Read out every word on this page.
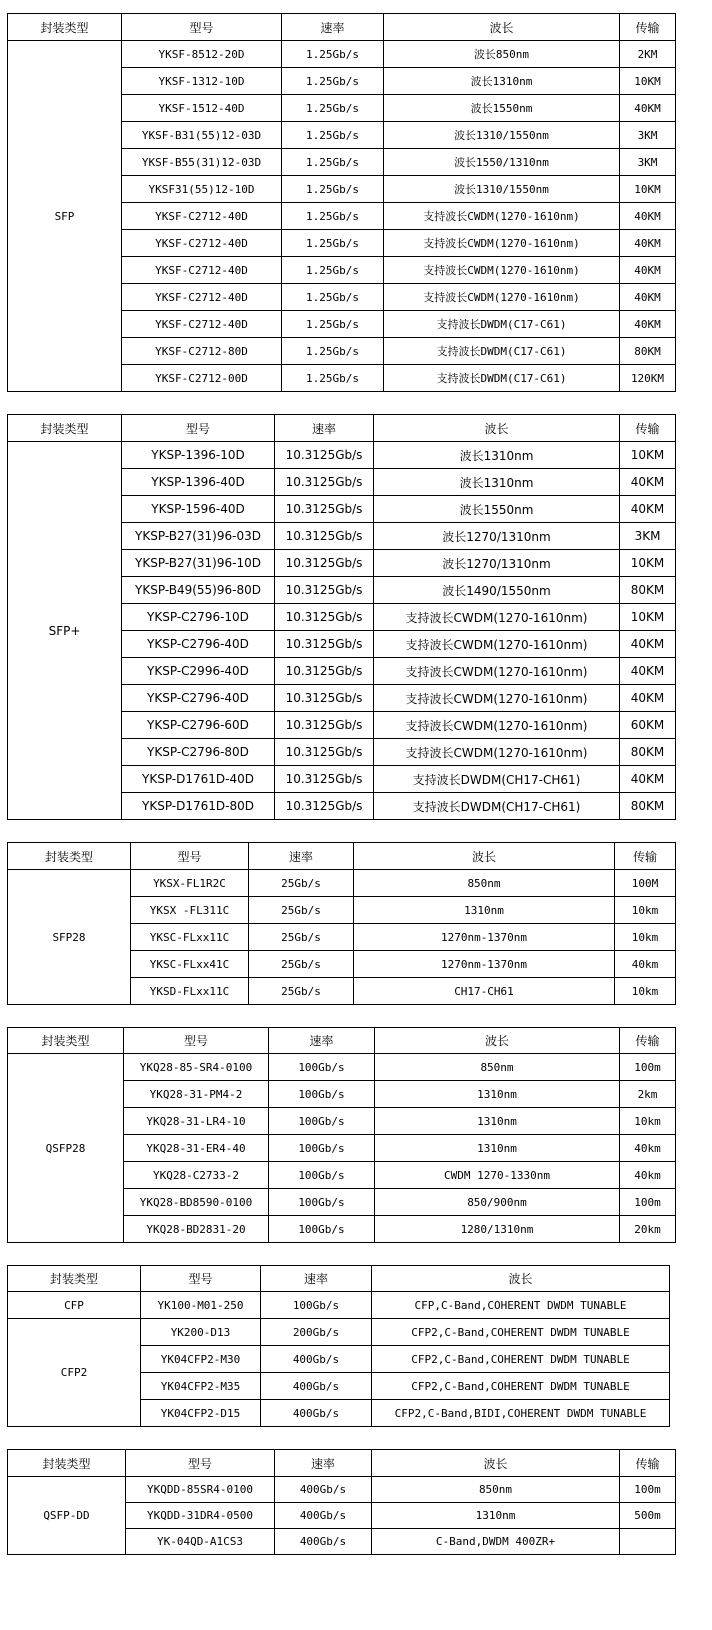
封装类型	型号	速率	波长	传输
SFP	YKSF-8512-20D	1.25Gb/s	波长850nm	2KM
	YKSF-1312-10D	1.25Gb/s	波长1310nm	10KM
	YKSF-1512-40D	1.25Gb/s	波长1550nm	40KM
	YKSF-B31(55)12-03D	1.25Gb/s	波长1310/1550nm	3KM
	YKSF-B55(31)12-03D	1.25Gb/s	波长1550/1310nm	3KM
	YKSF31(55)12-10D	1.25Gb/s	波长1310/1550nm	10KM
	YKSF-C2712-40D	1.25Gb/s	支持波长CWDM(1270-1610nm)	40KM
	YKSF-C2712-40D	1.25Gb/s	支持波长CWDM(1270-1610nm)	40KM
	YKSF-C2712-40D	1.25Gb/s	支持波长CWDM(1270-1610nm)	40KM
	YKSF-C2712-40D	1.25Gb/s	支持波长CWDM(1270-1610nm)	40KM
	YKSF-C2712-40D	1.25Gb/s	支持波长DWDM(C17-C61)	40KM
	YKSF-C2712-80D	1.25Gb/s	支持波长DWDM(C17-C61)	80KM
	YKSF-C2712-00D	1.25Gb/s	支持波长DWDM(C17-C61)	120KM
封装类型	型号	速率	波长	传输
SFP+	YKSP-1396-10D	10.3125Gb/s	波长1310nm	10KM
	YKSP-1396-40D	10.3125Gb/s	波长1310nm	40KM
	YKSP-1596-40D	10.3125Gb/s	波长1550nm	40KM
	YKSP-B27(31)96-03D	10.3125Gb/s	波长1270/1310nm	3KM
	YKSP-B27(31)96-10D	10.3125Gb/s	波长1270/1310nm	10KM
	YKSP-B49(55)96-80D	10.3125Gb/s	波长1490/1550nm	80KM
	YKSP-C2796-10D	10.3125Gb/s	支持波长CWDM(1270-1610nm)	10KM
	YKSP-C2796-40D	10.3125Gb/s	支持波长CWDM(1270-1610nm)	40KM
	YKSP-C2996-40D	10.3125Gb/s	支持波长CWDM(1270-1610nm)	40KM
	YKSP-C2796-40D	10.3125Gb/s	支持波长CWDM(1270-1610nm)	40KM
	YKSP-C2796-60D	10.3125Gb/s	支持波长CWDM(1270-1610nm)	60KM
	YKSP-C2796-80D	10.3125Gb/s	支持波长CWDM(1270-1610nm)	80KM
	YKSP-D1761D-40D	10.3125Gb/s	支持波长DWDM(CH17-CH61)	40KM
	YKSP-D1761D-80D	10.3125Gb/s	支持波长DWDM(CH17-CH61)	80KM
封装类型	型号	速率	波长	传输
SFP28	YKSX-FL1R2C	25Gb/s	850nm	100M
	YKSX -FL311C	25Gb/s	1310nm	10km
	YKSC-FLxx11C	25Gb/s	1270nm-1370nm	10km
	YKSC-FLxx41C	25Gb/s	1270nm-1370nm	40km
	YKSD-FLxx11C	25Gb/s	CH17-CH61	10km
封装类型	型号	速率	波长	传输
QSFP28	YKQ28-85-SR4-0100	100Gb/s	850nm	100m
	YKQ28-31-PM4-2	100Gb/s	1310nm	2km
	YKQ28-31-LR4-10	100Gb/s	1310nm	10km
	YKQ28-31-ER4-40	100Gb/s	1310nm	40km
	YKQ28-C2733-2	100Gb/s	CWDM 1270-1330nm	40km
	YKQ28-BD8590-0100	100Gb/s	850/900nm	100m
	YKQ28-BD2831-20	100Gb/s	1280/1310nm	20km
封装类型	型号	速率	波长
CFP	YK100-M01-250	100Gb/s	CFP,C-Band,COHERENT DWDM TUNABLE
CFP2	YK200-D13	200Gb/s	CFP2,C-Band,COHERENT DWDM TUNABLE
	YK04CFP2-M30	400Gb/s	CFP2,C-Band,COHERENT DWDM TUNABLE
	YK04CFP2-M35	400Gb/s	CFP2,C-Band,COHERENT DWDM TUNABLE
	YK04CFP2-D15	400Gb/s	CFP2,C-Band,BIDI,COHERENT DWDM TUNABLE
封装类型	型号	速率	波长	传输
QSFP-DD	YKQDD-85SR4-0100	400Gb/s	850nm	100m
	YKQDD-31DR4-0500	400Gb/s	1310nm	500m
	YK-04QD-A1CS3	400Gb/s	C-Band,DWDM 400ZR+	
